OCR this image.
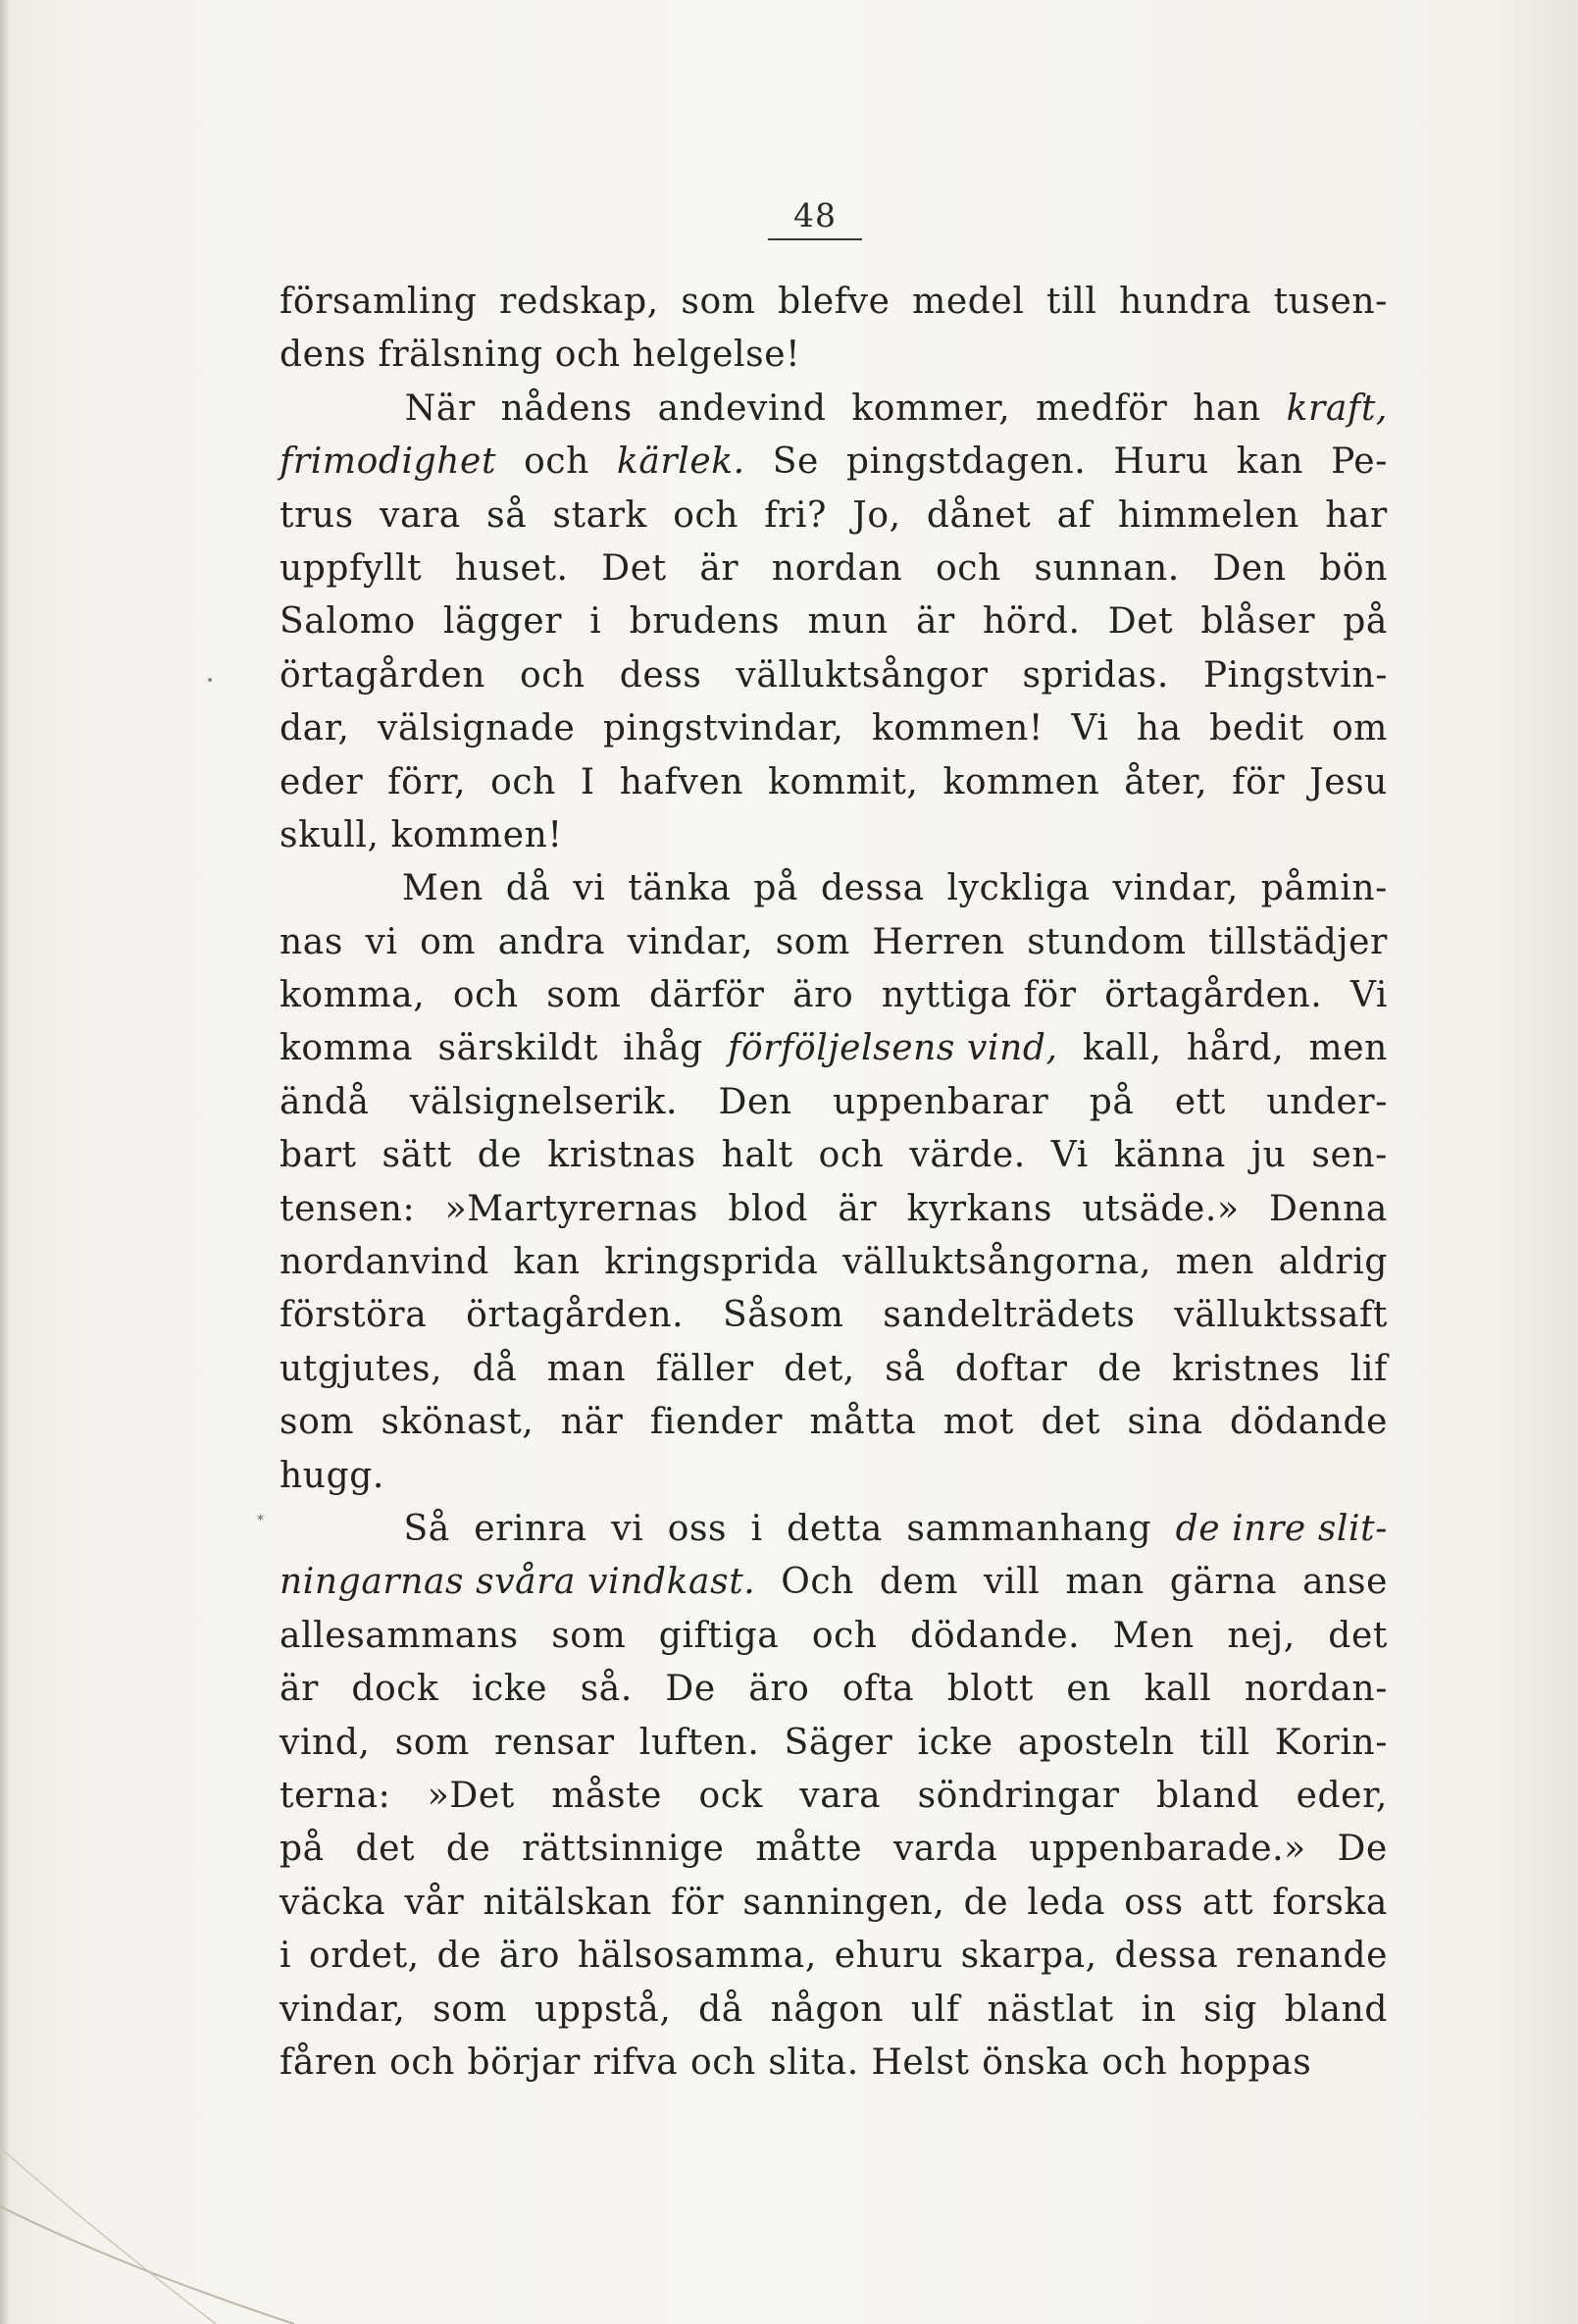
48
*
församling redskap, som blefve medel till hundra tusen-
dens frälsning och helgelse!
När nådens andevind kommer, medför han kraft,
frimodighet och kärlek. Se pingstdagen. Huru kan Pe-
trus vara så stark och fri? Jo, dånet af himmelen har
uppfyllt huset. Det är nordan och sunnan. Den bön
Salomo lägger i brudens mun är hörd. Det blåser på
örtagården och dess välluktsångor spridas. Pingstvin-
dar, välsignade pingstvindar, kommen! Vi ha bedit om
eder förr, och I hafven kommit, kommen åter, för Jesu
skull, kommen!
Men då vi tänka på dessa lyckliga vindar, påmin-
nas vi om andra vindar, som Herren stundom tillstädjer
komma, och som därför äro nyttiga för örtagården. Vi
komma särskildt ihåg förföljelsens vind, kall, hård, men
ändå välsignelserik. Den uppenbarar på ett under-
bart sätt de kristnas halt och värde. Vi känna ju sen-
tensen: »Martyrernas blod är kyrkans utsäde.» Denna
nordanvind kan kringsprida välluktsångorna, men aldrig
förstöra örtagården. Såsom sandelträdets välluktssaft
utgjutes, då man fäller det, så doftar de kristnes lif
som skönast, när fiender måtta mot det sina dödande
hugg.
Så erinra vi oss i detta sammanhang de inre slit-
ningarnas svåra vindkast. Och dem vill man gärna anse
allesammans som giftiga och dödande. Men nej, det
är dock icke så. De äro ofta blott en kall nordan-
vind, som rensar luften. Säger icke aposteln till Korin-
terna: »Det måste ock vara söndringar bland eder,
på det de rättsinnige måtte varda uppenbarade.» De
väcka vår nitälskan för sanningen, de leda oss att forska
i ordet, de äro hälsosamma, ehuru skarpa, dessa renande
vindar, som uppstå, då någon ulf nästlat in sig bland
fåren och börjar rifva och slita. Helst önska och hoppas
